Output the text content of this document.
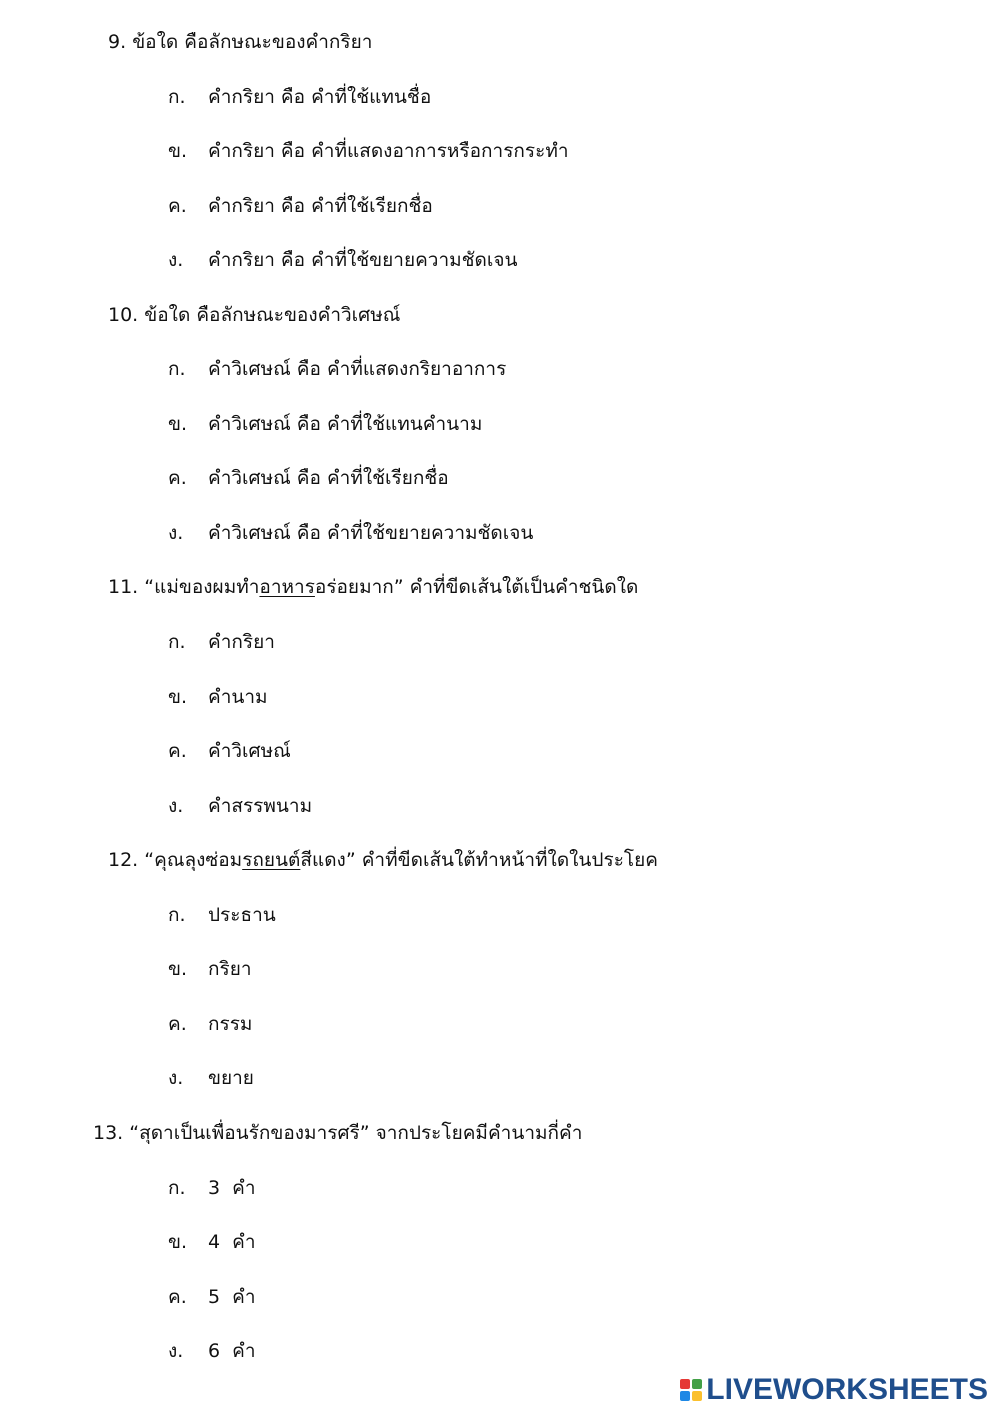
9. ข้อใด คือลักษณะของคำกริยา
ก. คำกริยา คือ คำที่ใช้แทนชื่อ
ข. คำกริยา คือ คำที่แสดงอาการหรือการกระทำ
ค. คำกริยา คือ คำที่ใช้เรียกชื่อ
ง. คำกริยา คือ คำที่ใช้ขยายความชัดเจน
10. ข้อใด คือลักษณะของคำวิเศษณ์
ก. คำวิเศษณ์ คือ คำที่แสดงกริยาอาการ
ข. คำวิเศษณ์ คือ คำที่ใช้แทนคำนาม
ค. คำวิเศษณ์ คือ คำที่ใช้เรียกชื่อ
ง. คำวิเศษณ์ คือ คำที่ใช้ขยายความชัดเจน
11. “แม่ของผมทำอาหารอร่อยมาก” คำที่ขีดเส้นใต้เป็นคำชนิดใด
ก. คำกริยา
ข. คำนาม
ค. คำวิเศษณ์
ง. คำสรรพนาม
12. “คุณลุงซ่อมรถยนต์สีแดง” คำที่ขีดเส้นใต้ทำหน้าที่ใดในประโยค
ก. ประธาน
ข. กริยา
ค. กรรม
ง. ขยาย
13. “สุดาเป็นเพื่อนรักของมารศรี” จากประโยคมีคำนามกี่คำ
ก. 3  คำ
ข. 4  คำ
ค. 5  คำ
ง. 6  คำ
LIVEWORKSHEETS
